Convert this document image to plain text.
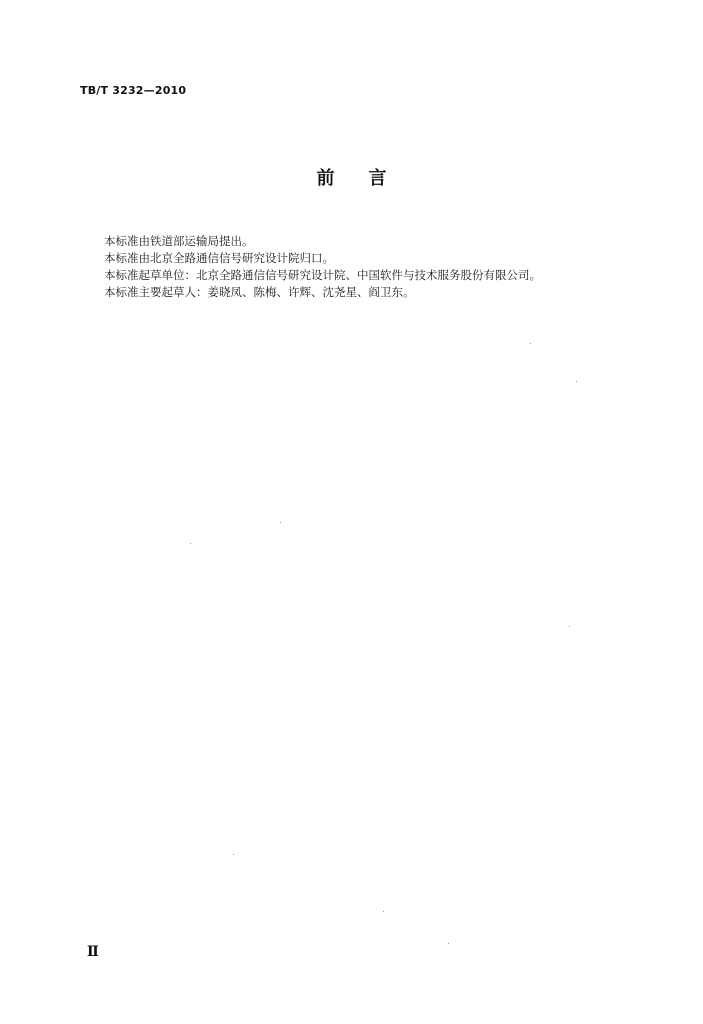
TB/T 3232—2010
前 言
本标准由铁道部运输局提出。
本标准由北京全路通信信号研究设计院归口。
本标准起草单位：北京全路通信信号研究设计院、中国软件与技术服务股份有限公司。
本标准主要起草人：姜晓凤、陈梅、许辉、沈尧星、阎卫东。
Ⅱ
